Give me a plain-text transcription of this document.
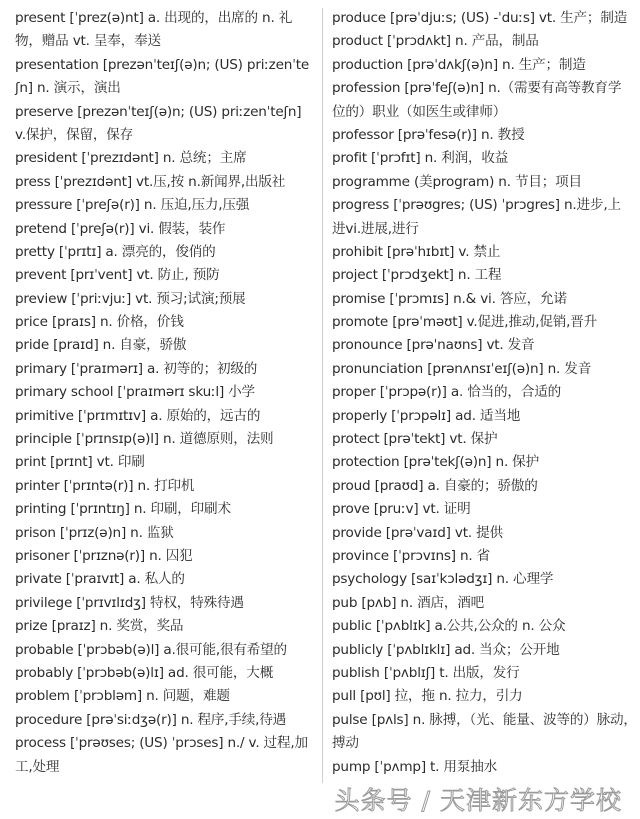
present [ˈprez(ə)nt] a. 出现的，出席的 n. 礼
物，赠品 vt. 呈奉，奉送
presentation [prezənˈteɪʃ(ə)n; (US) priːzenˈte
ʃn] n. 演示，演出
preserve [prezənˈteɪʃ(ə)n; (US) priːzenˈteʃn]
v.保护，保留，保存
president [ˈprezɪdənt] n. 总统；主席
press [ˈprezɪdənt] vt.压,按 n.新闻界,出版社
pressure [ˈpreʃə(r)] n. 压迫,压力,压强
pretend [ˈpreʃə(r)] vi. 假装，装作
pretty [ˈprɪtɪ] a. 漂亮的，俊俏的
prevent [prɪˈvent] vt. 防止, 预防
preview [ˈpriːvjuː] vt. 预习;试演;预展
price [praɪs] n. 价格，价钱
pride [praɪd] n. 自豪，骄傲
primary [ˈpraɪmərɪ] a. 初等的；初级的
primary school [ˈpraɪmərɪ skuːl] 小学
primitive [ˈprɪmɪtɪv] a. 原始的，远古的
principle [ˈprɪnsɪp(ə)l] n. 道德原则，法则
print [prɪnt] vt. 印刷
printer [ˈprɪntə(r)] n. 打印机
printing [ˈprɪntɪŋ] n. 印刷，印刷术
prison [ˈprɪz(ə)n] n. 监狱
prisoner [ˈprɪznə(r)] n. 囚犯
private [ˈpraɪvɪt] a. 私人的
privilege [ˈprɪvɪlɪdʒ] 特权，特殊待遇
prize [praɪz] n. 奖赏，奖品
probable [ˈprɔbəb(ə)l] a.很可能,很有希望的
probably [ˈprɔbəb(ə)lɪ] ad. 很可能，大概
problem [ˈprɔbləm] n. 问题，难题
procedure [prəˈsiːdʒə(r)] n. 程序,手续,待遇
process [ˈprəʊses; (US) ˈprɔses] n./ v. 过程,加
工,处理
produce [prəˈdjuːs; (US) -ˈduːs] vt. 生产；制造
product [ˈprɔdʌkt] n. 产品，制品
production [prəˈdʌkʃ(ə)n] n. 生产；制造
profession [prəˈfeʃ(ə)n] n.（需要有高等教育学
位的）职业（如医生或律师）
professor [prəˈfesə(r)] n. 教授
profit [ˈprɔfɪt] n. 利润，收益
programme (美program) n. 节目；项目
progress [ˈprəʊgres; (US) ˈprɔgres] n.进步,上
进vi.进展,进行
prohibit [prəˈhɪbɪt] v. 禁止
project [ˈprɔdʒekt] n. 工程
promise [ˈprɔmɪs] n.& vi. 答应，允诺
promote [prəˈməʊt] v.促进,推动,促销,晋升
pronounce [prəˈnaʊns] vt. 发音
pronunciation [prənʌnsɪˈeɪʃ(ə)n] n. 发音
proper [ˈprɔpə(r)] a. 恰当的，合适的
properly [ˈprɔpəlɪ] ad. 适当地
protect [prəˈtekt] vt. 保护
protection [prəˈtekʃ(ə)n] n. 保护
proud [praʊd] a. 自豪的；骄傲的
prove [pruːv] vt. 证明
provide [prəˈvaɪd] vt. 提供
province [ˈprɔvɪns] n. 省
psychology [saɪˈkɔlədʒɪ] n. 心理学
pub [pʌb] n. 酒店，酒吧
public [ˈpʌblɪk] a.公共,公众的 n. 公众
publicly [ˈpʌblɪklɪ] ad. 当众；公开地
publish [ˈpʌblɪʃ] t. 出版，发行
pull [pʊl] 拉，拖 n. 拉力，引力
pulse [pʌls] n. 脉搏，（光、能量、波等的）脉动，
搏动
pump [ˈpʌmp] t. 用泵抽水
头条号 / 天津新东方学校
